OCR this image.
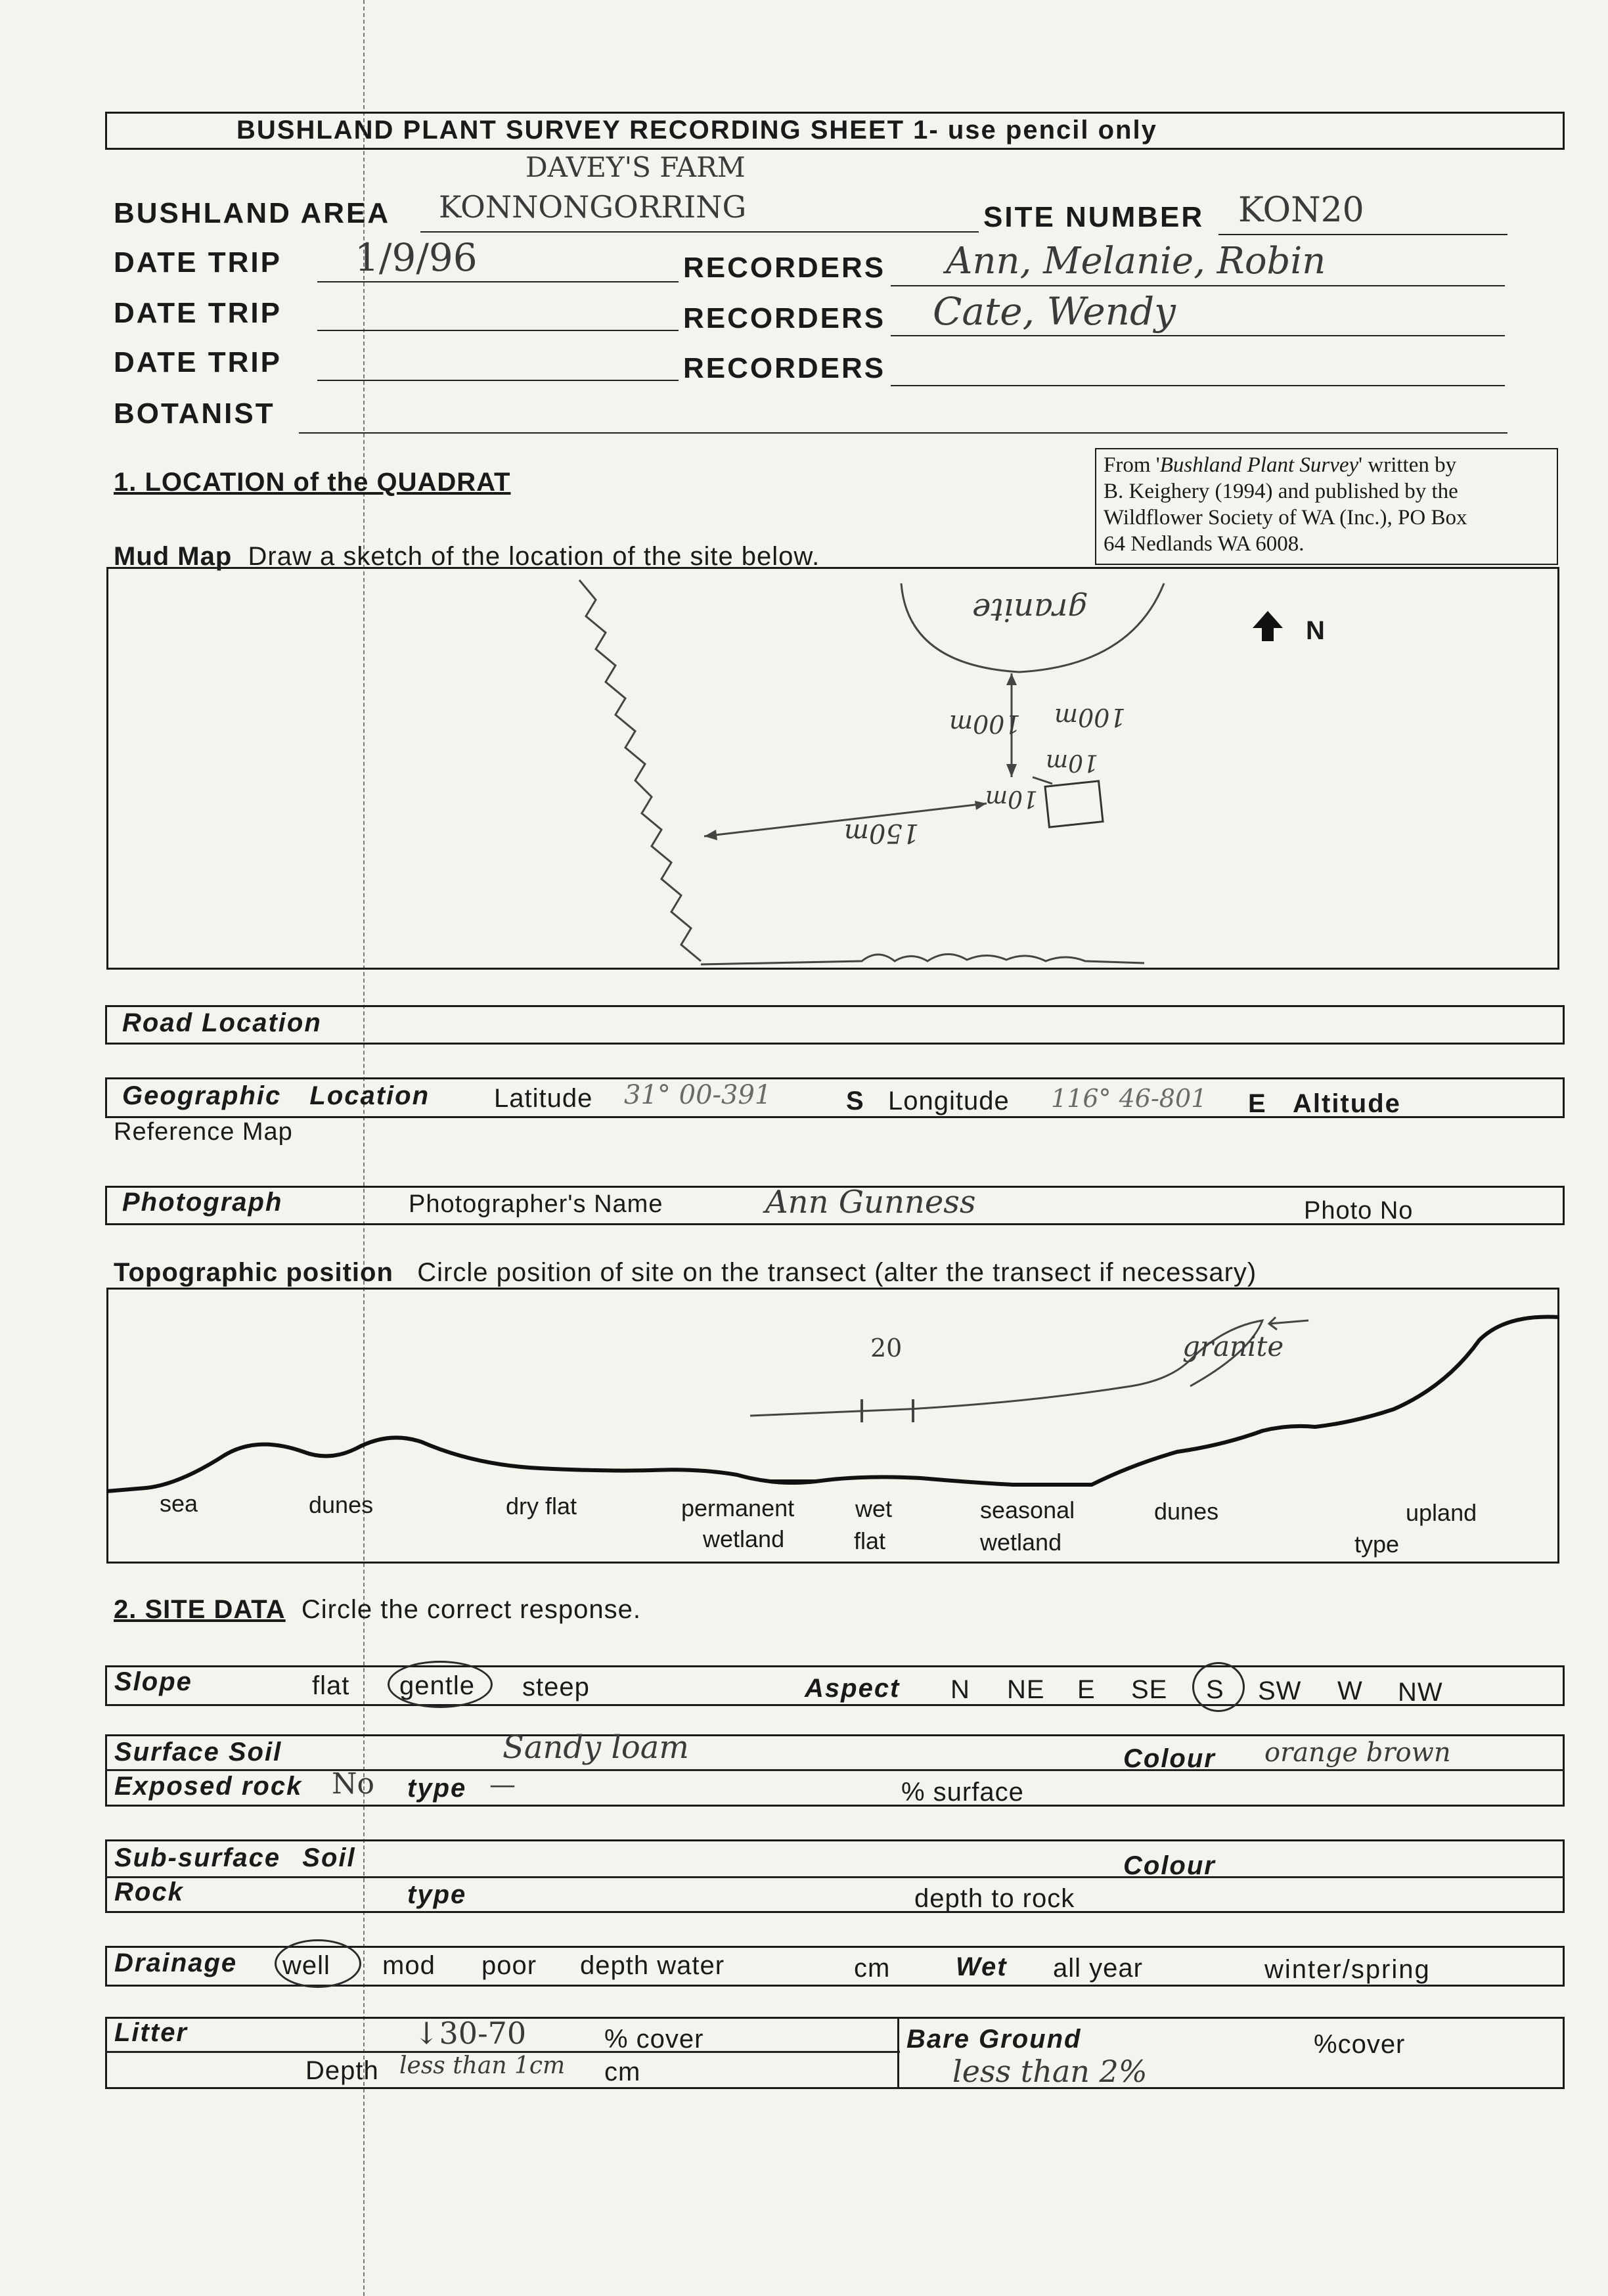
BUSHLAND PLANT SURVEY RECORDING SHEET 1- use pencil only
DAVEY'S FARM
BUSHLAND AREA KONNONGORRING	SITE NUMBER KON20
DATE TRIP 1/9/96	RECORDERS Ann, Melanie, Robin
DATE TRIP	RECORDERS Cate, Wendy
DATE TRIP	RECORDERS
BOTANIST
From 'Bushland Plant Survey' written by
B. Keighery (1994) and published by the
Wildflower Society of WA (Inc.), PO Box
64 Nedlands WA 6008.
1. LOCATION of the QUADRAT
Mud Map Draw a sketch of the location of the site below.
granite
100m 100m
10m
10m
150m
N
Road Location
Geographic Location Latitude 31° 00-391	S Longitude 116° 46-801 E Altitude
Reference Map
Photograph	Photographer's Name	Ann Gunness	Photo No
Topographic position Circle position of site on the transect (alter the transect if necessary)
20	granite
sea	dunes	dry flat	permanent
wetland
wet
flat
seasonal
wetland
dunes	upland
type
2. SITE DATA Circle the correct response.
Slope	flat gentle steep	Aspect N NE E SE S SW W NW
Surface Soil	Sandy loam	Colour orange brown
Exposed rock No type —	% surface
Sub-surface Soil	Colour
Rock	type	depth to rock
Drainage well mod poor depth water	cm Wet all year	winter/spring
Litter	↓30-70	% cover
Depth less than 1cm cm
Bare Ground	%cover
less than 2%
